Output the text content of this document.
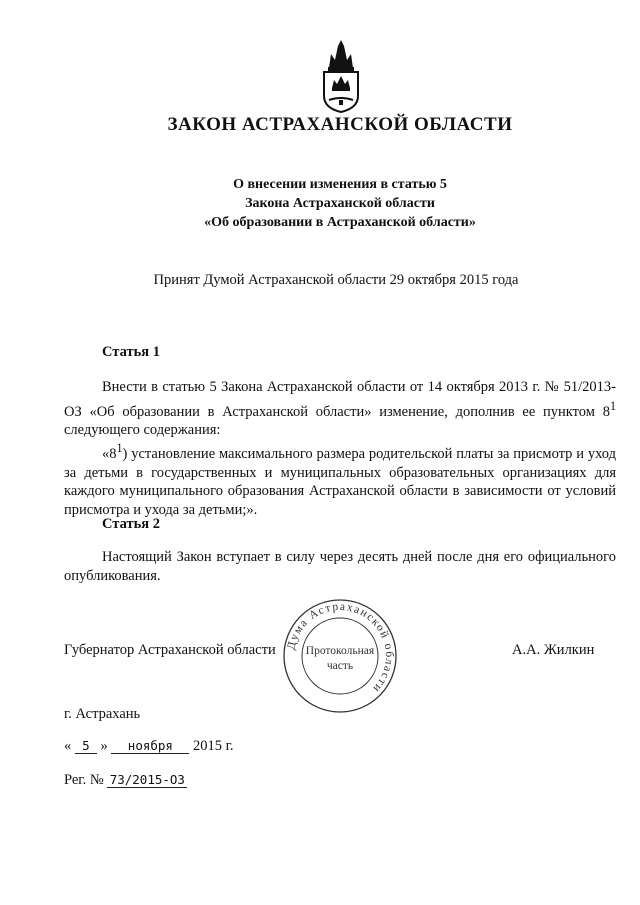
ЗАКОН АСТРАХАНСКОЙ ОБЛАСТИ
О внесении изменения в статью 5
Закона Астраханской области
«Об образовании в Астраханской области»
Принят Думой Астраханской области 29 октября 2015 года
Статья 1

Внести в статью 5 Закона Астраханской области от 14 октября 2013 г. № 51/2013-ОЗ «Об образовании в Астраханской области» изменение, дополнив ее пунктом $8^1$ следующего содержания:

«$8^1$) установление максимального размера родительской платы за присмотр и уход за детьми в государственных и муниципальных образовательных организациях для каждого муниципального образования Астраханской области в зависимости от условий присмотра и ухода за детьми;».

Статья 2

Настоящий Закон вступает в силу через десять дней после дня его официального опубликования.

Губернатор Астраханской области	А.А. Жилкин
Дума Астраханской области
Протокольная
часть
г. Астрахань
« 5 » ноября 2015 г.
Рег. № 73/2015-ОЗ
